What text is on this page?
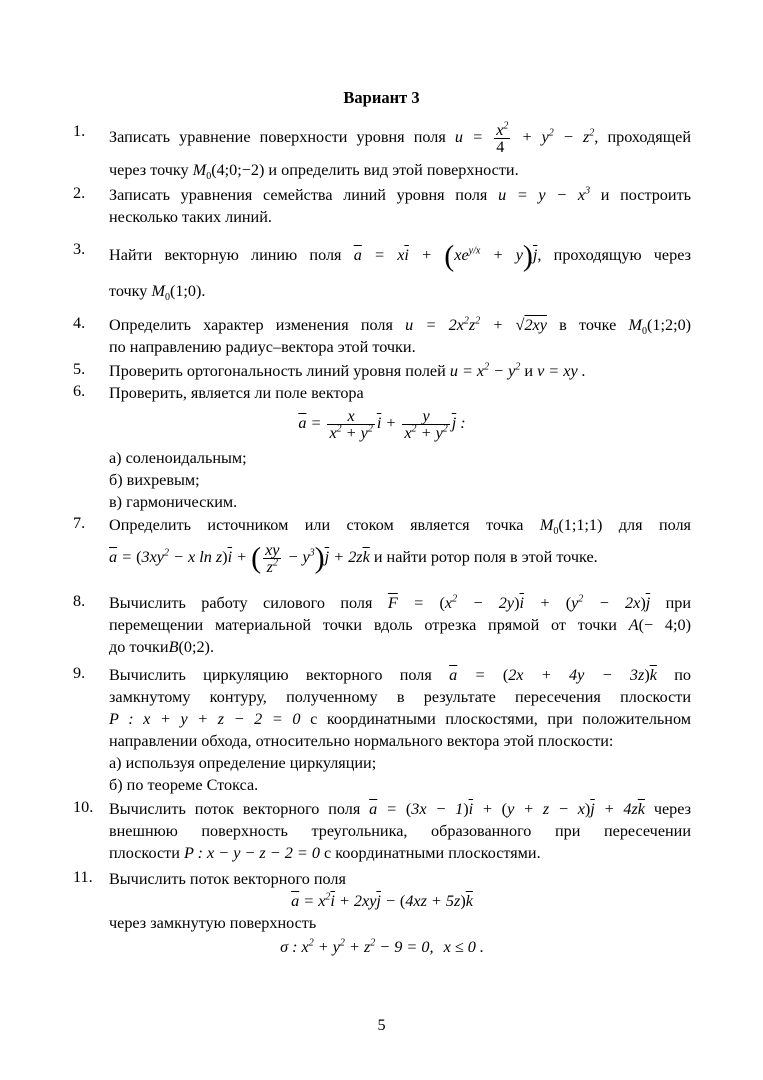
Вариант 3
1.	Записать уравнение поверхности уровня поля $u = \frac{x^2}{4} + y^2 - z^2$, проходящей
через точку $M_0(4;0;-2)$ и определить вид этой поверхности.
2.	Записать уравнения семейства линий уровня поля $u = y - x^3$ и построить
несколько таких линий.
3.	Найти векторную линию поля $\overline{a} = x\overline{i} + (xe^{y/x} + y)\overline{j}$, проходящую через
точку $M_0(1;0)$.
4.	Определить характер изменения поля $u = 2x^2z^2 + √2xy$ в точке $M_0(1;2;0)$
по направлению радиус–вектора этой точки.
5.	Проверить ортогональность линий уровня полей $u = x^2 - y^2$ и v = xy .
6.	Проверить, является ли поле вектора
$\overline{a} = \frac{x}{x^2 + y^2} \overline{i} + \frac{y}{x^2 + y^2} \overline{j}$ :
а) соленоидальным;
б) вихревым;
в) гармоническим.
7.	Определить источником или стоком является точка $M_0(1;1;1)$ для поля
$\overline{a} = (3xy^2 - x$ $\ln z)\overline{i}$ + ( $\frac{xy}{z^2} - y^3)\overline{j} + 2z\overline{k}$ и найти ротор поля в этой точке.
8.	Вычислить работу силового поля $\overline{F} = (x^2 - 2y)\overline{i} + (y^2 - 2x)\overline{j}$ при
перемещении материальной точки вдоль отрезка прямой от точки A(− 4;0)
до точкиB(0;2).
9.	Вычислить циркуляцию векторного поля $\overline{a} = (2x + 4y - 3z)\overline{k}$ по
замкнутому контуру, полученному в результате пересечения плоскости
P : x + y + z − 2 = 0 с координатными плоскостями, при положительном
направлении обхода, относительно нормального вектора этой плоскости:
а) используя определение циркуляции;
б) по теореме Стокса.
10. Вычислить поток векторного поля $\overline{a} = (3x - 1)\overline{i} + (y + z - x)\overline{j} + 4z\overline{k}$ через
внешнюю поверхность треугольника, образованного при пересечении
плоскости P : x − y − z − 2 = 0 с координатными плоскостями.
11.	Вычислить поток векторного поля
$\overline{a} = x^2\overline{i} + 2xy\overline{j} - (4xz + 5z)\overline{k}$
через замкнутую поверхность
σ : $x^2 + y^2 + z^2 - 9 = 0$, x ≤ 0 .
5
